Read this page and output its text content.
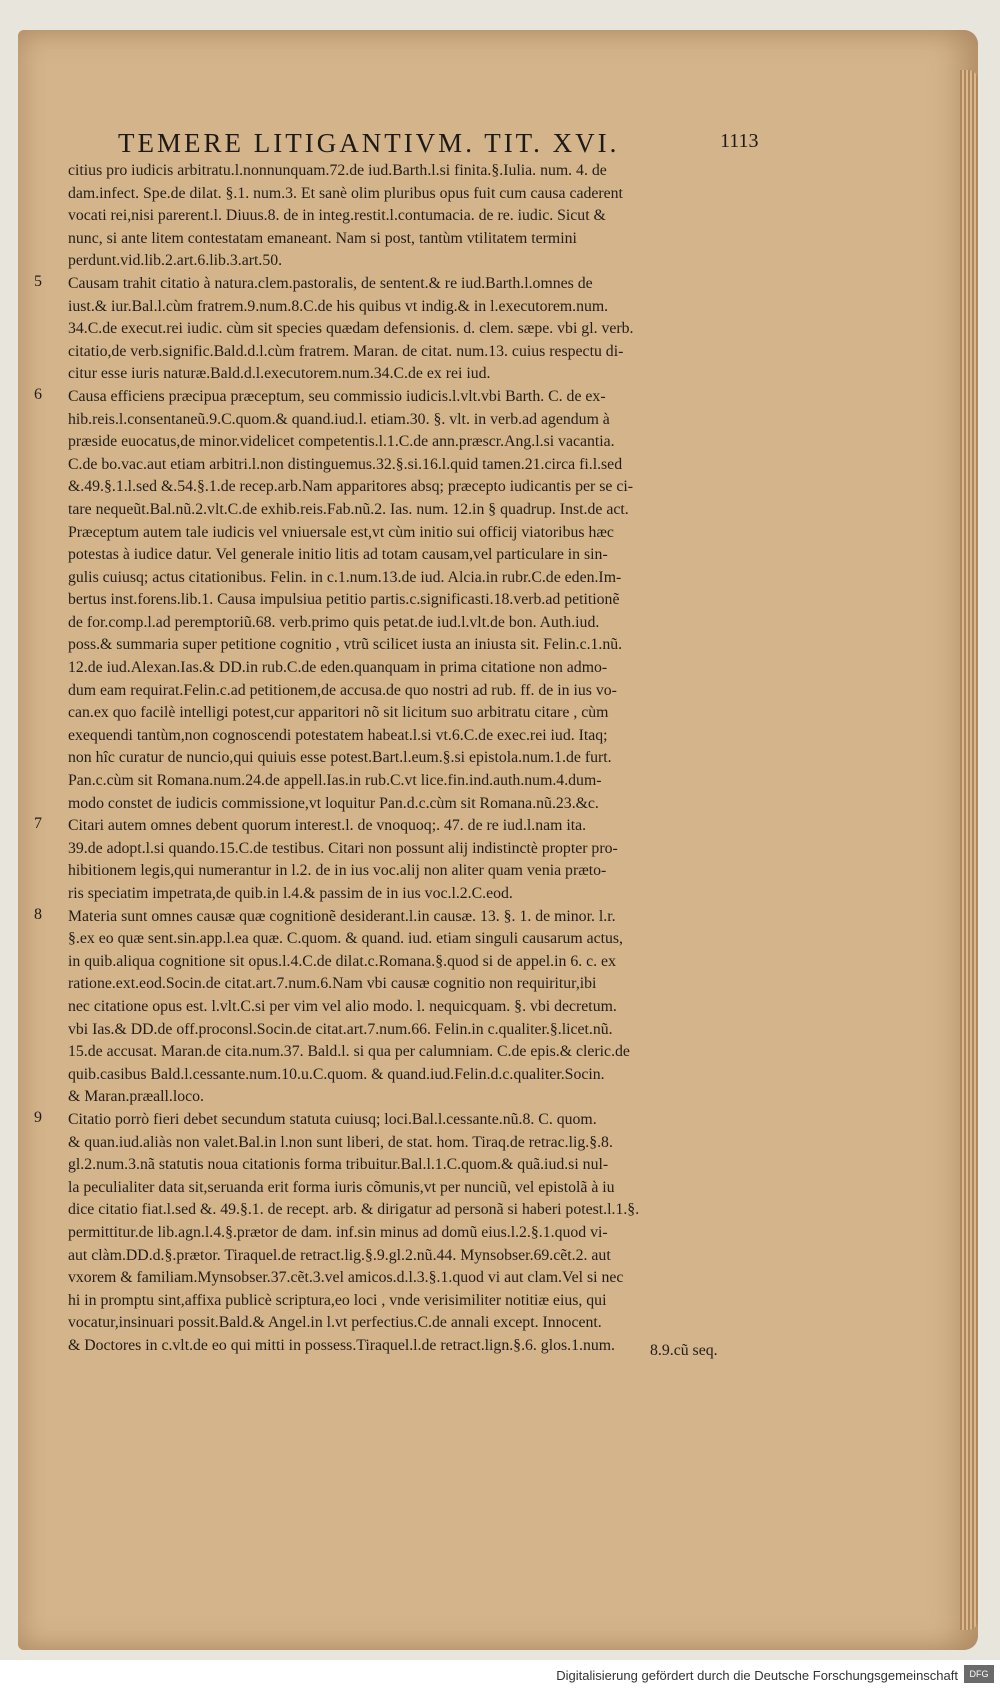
TEMERE LITIGANTIVM. TIT. XVI.	1113
citius pro iudicis arbitratu.l.nonnunquam.72.de iud.Barth.l.si finita.§.Iulia. num. 4. de
dam.infect. Spe.de dilat. §.1. num.3. Et sanè olim pluribus opus fuit cum causa caderent
vocati rei,nisi parerent.l. Diuus.8. de in integ.restit.l.contumacia. de re. iudic. Sicut &
nunc, si ante litem contestatam emaneant. Nam si post, tantùm vtilitatem termini
perdunt.vid.lib.2.art.6.lib.3.art.50.
Causam trahit citatio à natura.clem.pastoralis, de sentent.& re iud.Barth.l.omnes de
iust.& iur.Bal.l.cùm fratrem.9.num.8.C.de his quibus vt indig.& in l.executorem.num.
34.C.de execut.rei iudic. cùm sit species quædam defensionis. d. clem. sæpe. vbi gl. verb.
citatio,de verb.signific.Bald.d.l.cùm fratrem. Maran. de citat. num.13. cuius respectu di-
citur esse iuris naturæ.Bald.d.l.executorem.num.34.C.de ex rei iud.
Causa efficiens præcipua præceptum, seu commissio iudicis.l.vlt.vbi Barth. C. de ex-
hib.reis.l.consentaneũ.9.C.quom.& quand.iud.l. etiam.30. §. vlt. in verb.ad agendum à
præside euocatus,de minor.videlicet competentis.l.1.C.de ann.præscr.Ang.l.si vacantia.
C.de bo.vac.aut etiam arbitri.l.non distinguemus.32.§.si.16.l.quid tamen.21.circa fi.l.sed
&.49.§.1.l.sed &.54.§.1.de recep.arb.Nam apparitores absq; præcepto iudicantis per se ci-
tare nequeũt.Bal.nũ.2.vlt.C.de exhib.reis.Fab.nũ.2. Ias. num. 12.in § quadrup. Inst.de act.
Præceptum autem tale iudicis vel vniuersale est,vt cùm initio sui officij viatoribus hæc
potestas à iudice datur. Vel generale initio litis ad totam causam,vel particulare in sin-
gulis cuiusq; actus citationibus. Felin. in c.1.num.13.de iud. Alcia.in rubr.C.de eden.Im-
bertus inst.forens.lib.1. Causa impulsiua petitio partis.c.significasti.18.verb.ad petitionẽ
de for.comp.l.ad peremptoriũ.68. verb.primo quis petat.de iud.l.vlt.de bon. Auth.iud.
poss.& summaria super petitione cognitio , vtrũ scilicet iusta an iniusta sit. Felin.c.1.nũ.
12.de iud.Alexan.Ias.& DD.in rub.C.de eden.quanquam in prima citatione non admo-
dum eam requirat.Felin.c.ad petitionem,de accusa.de quo nostri ad rub. ff. de in ius vo-
can.ex quo facilè intelligi potest,cur apparitori nõ sit licitum suo arbitratu citare , cùm
exequendi tantùm,non cognoscendi potestatem habeat.l.si vt.6.C.de exec.rei iud. Itaq;
non hîc curatur de nuncio,qui quiuis esse potest.Bart.l.eum.§.si epistola.num.1.de furt.
Pan.c.cùm sit Romana.num.24.de appell.Ias.in rub.C.vt lice.fin.ind.auth.num.4.dum-
modo constet de iudicis commissione,vt loquitur Pan.d.c.cùm sit Romana.nũ.23.&c.
Citari autem omnes debent quorum interest.l. de vnoquoq;. 47. de re iud.l.nam ita.
39.de adopt.l.si quando.15.C.de testibus. Citari non possunt alij indistinctè propter pro-
hibitionem legis,qui numerantur in l.2. de in ius voc.alij non aliter quam venia præto-
ris speciatim impetrata,de quib.in l.4.& passim de in ius voc.l.2.C.eod.
Materia sunt omnes causæ quæ cognitionẽ desiderant.l.in causæ. 13. §. 1. de minor. l.r.
§.ex eo quæ sent.sin.app.l.ea quæ. C.quom. & quand. iud. etiam singuli causarum actus,
in quib.aliqua cognitione sit opus.l.4.C.de dilat.c.Romana.§.quod si de appel.in 6. c. ex
ratione.ext.eod.Socin.de citat.art.7.num.6.Nam vbi causæ cognitio non requiritur,ibi
nec citatione opus est. l.vlt.C.si per vim vel alio modo. l. nequicquam. §. vbi decretum.
vbi Ias.& DD.de off.proconsl.Socin.de citat.art.7.num.66. Felin.in c.qualiter.§.licet.nũ.
15.de accusat. Maran.de cita.num.37. Bald.l. si qua per calumniam. C.de epis.& cleric.de
quib.casibus Bald.l.cessante.num.10.u.C.quom. & quand.iud.Felin.d.c.qualiter.Socin.
& Maran.præall.loco.
Citatio porrò fieri debet secundum statuta cuiusq; loci.Bal.l.cessante.nũ.8. C. quom.
& quan.iud.aliàs non valet.Bal.in l.non sunt liberi, de stat. hom. Tiraq.de retrac.lig.§.8.
gl.2.num.3.nã statutis noua citationis forma tribuitur.Bal.l.1.C.quom.& quã.iud.si nul-
la peculialiter data sit,seruanda erit forma iuris cõmunis,vt per nunciũ, vel epistolã à iu
dice citatio fiat.l.sed &. 49.§.1. de recept. arb. & dirigatur ad personã si haberi potest.l.1.§.
permittitur.de lib.agn.l.4.§.prætor de dam. inf.sin minus ad domũ eius.l.2.§.1.quod vi-
aut clàm.DD.d.§.prætor. Tiraquel.de retract.lig.§.9.gl.2.nũ.44. Mynsobser.69.cẽt.2. aut
vxorem & familiam.Mynsobser.37.cẽt.3.vel amicos.d.l.3.§.1.quod vi aut clam.Vel si nec
hi in promptu sint,affixa publicè scriptura,eo loci , vnde verisimiliter notitiæ eius, qui
vocatur,insinuari possit.Bald.& Angel.in l.vt perfectius.C.de annali except. Innocent.
& Doctores in c.vlt.de eo qui mitti in possess.Tiraquel.l.de retract.lign.§.6. glos.1.num.
5
6
7
8
9
8.9.cũ seq.
Digitalisierung gefördert durch die Deutsche Forschungsgemeinschaft	DFG
